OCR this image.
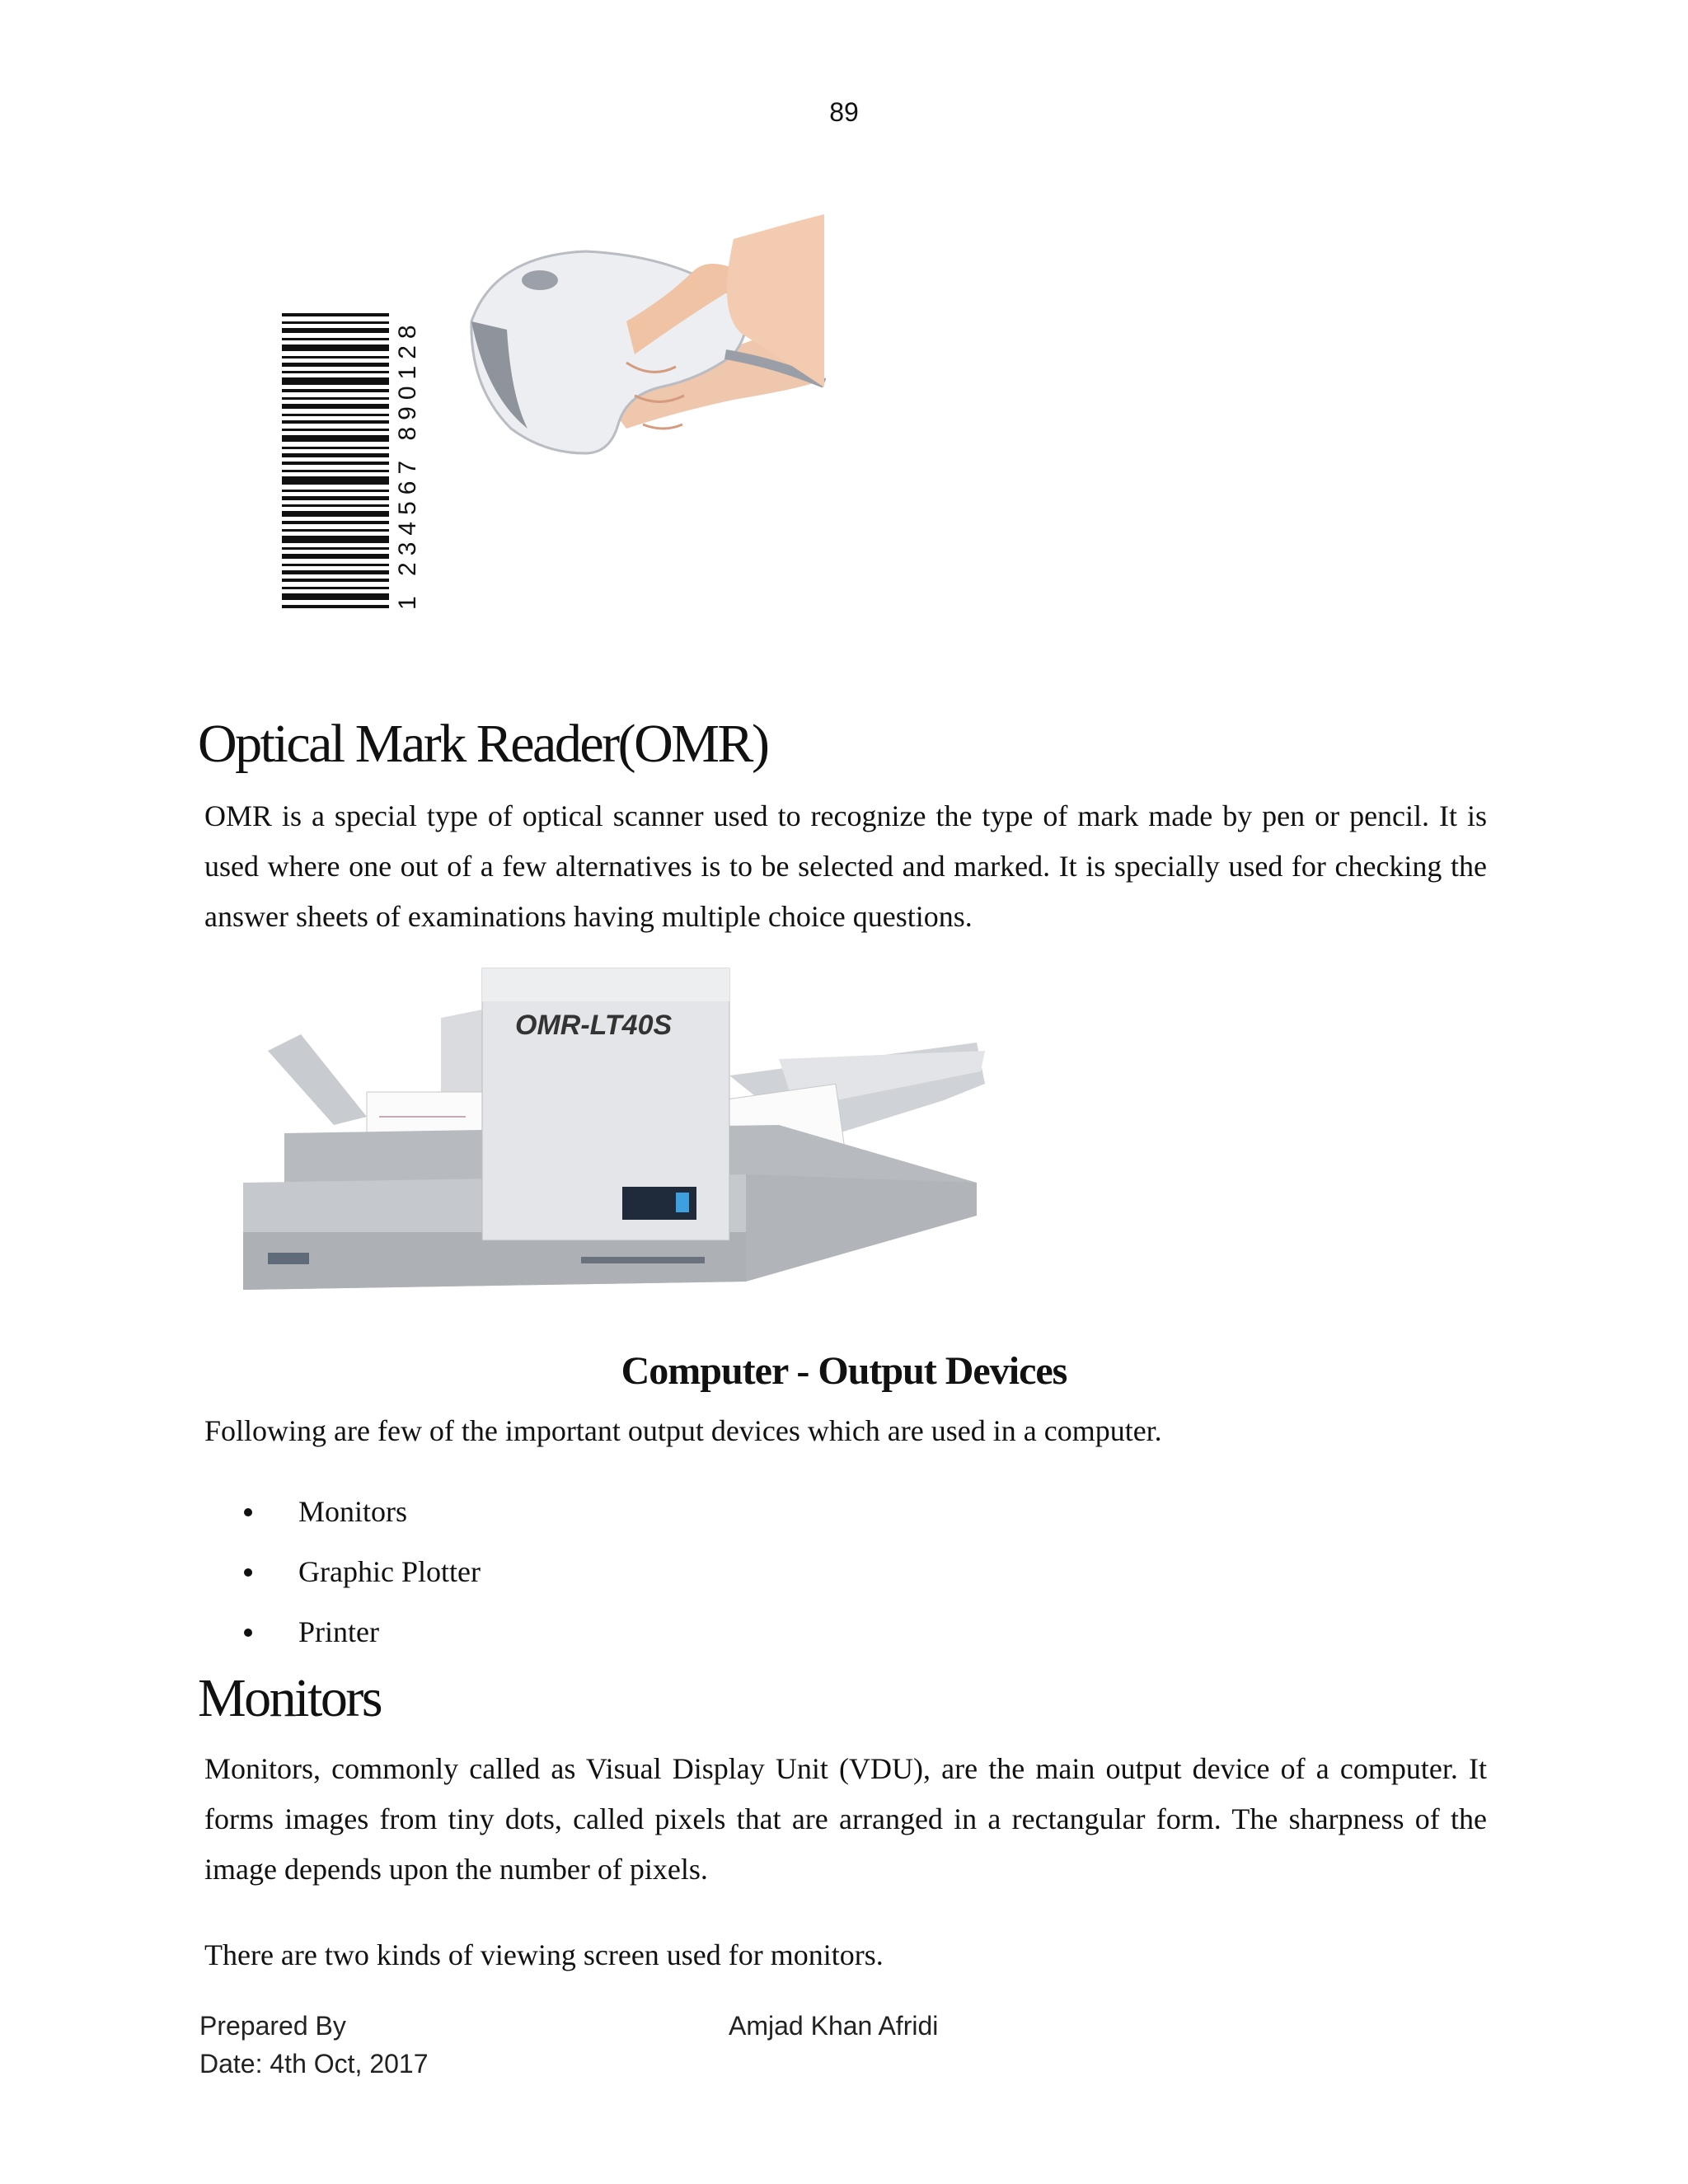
89
1 234567 890128
Optical Mark Reader(OMR)

OMR is a special type of optical scanner used to recognize the type of mark made by pen or pencil. It is used where one out of a few alternatives is to be selected and marked. It is specially used for checking the answer sheets of examinations having multiple choice questions.

OMR-LT40S
Computer - Output Devices

Following are few of the important output devices which are used in a computer.

Monitors
Graphic Plotter
Printer
Monitors

Monitors, commonly called as Visual Display Unit (VDU), are the main output device of a computer. It forms images from tiny dots, called pixels that are arranged in a rectangular form. The sharpness of the image depends upon the number of pixels.

There are two kinds of viewing screen used for monitors.

Prepared By
Date: 4th Oct, 2017
Amjad Khan Afridi
